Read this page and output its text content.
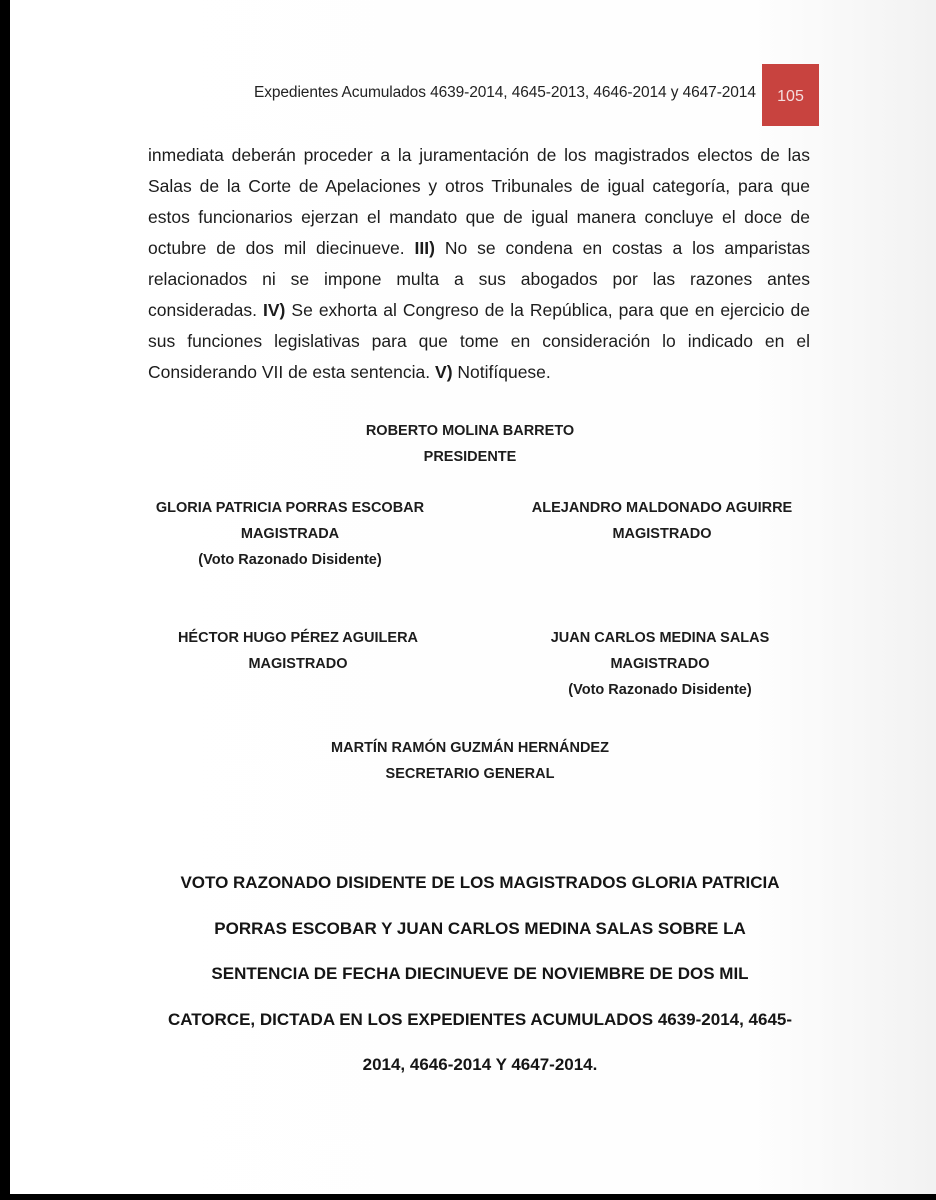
Expedientes Acumulados 4639-2014, 4645-2013, 4646-2014 y 4647-2014 105

inmediata deberán proceder a la juramentación de los magistrados electos de las Salas de la Corte de Apelaciones y otros Tribunales de igual categoría, para que estos funcionarios ejerzan el mandato que de igual manera concluye el doce de octubre de dos mil diecinueve. III) No se condena en costas a los amparistas relacionados ni se impone multa a sus abogados por las razones antes consideradas. IV) Se exhorta al Congreso de la República, para que en ejercicio de sus funciones legislativas para que tome en consideración lo indicado en el Considerando VII de esta sentencia. V) Notifíquese.

ROBERTO MOLINA BARRETO
PRESIDENTE
GLORIA PATRICIA PORRAS ESCOBAR
MAGISTRADA
(Voto Razonado Disidente)
ALEJANDRO MALDONADO AGUIRRE
MAGISTRADO
HÉCTOR HUGO PÉREZ AGUILERA
MAGISTRADO
JUAN CARLOS MEDINA SALAS
MAGISTRADO
(Voto Razonado Disidente)
MARTÍN RAMÓN GUZMÁN HERNÁNDEZ
SECRETARIO GENERAL
VOTO RAZONADO DISIDENTE DE LOS MAGISTRADOS GLORIA PATRICIA
PORRAS ESCOBAR Y JUAN CARLOS MEDINA SALAS SOBRE LA
SENTENCIA DE FECHA DIECINUEVE DE NOVIEMBRE DE DOS MIL
CATORCE, DICTADA EN LOS EXPEDIENTES ACUMULADOS 4639-2014, 4645-
2014, 4646-2014 Y 4647-2014.
